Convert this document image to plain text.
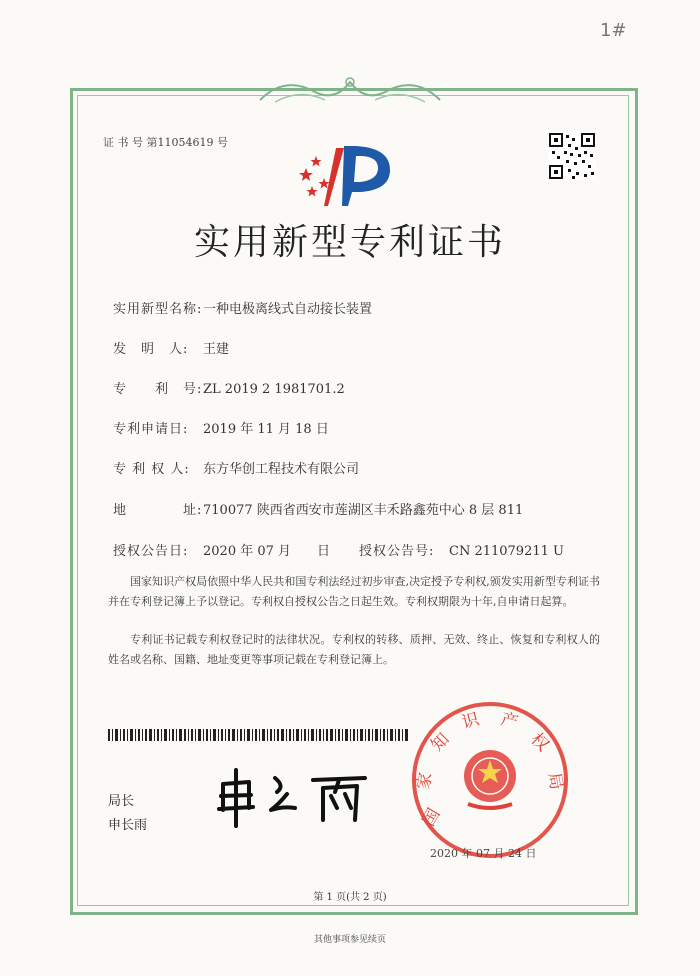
1#
证 书 号 第11054619 号
实用新型专利证书
实用新型名称:一种电极离线式自动接长装置
发　明　人: 王建
专　　利　号:ZL 2019 2 1981701.2
专利申请日: 2019 年 11 月 18 日
专 利 权 人: 东方华创工程技术有限公司
地　　　　址:710077 陕西省西安市莲湖区丰禾路鑫苑中心 8 层 811
授权公告日: 2020 年 07 月　　日 授权公告号: CN 211079211 U
国家知识产权局依照中华人民共和国专利法经过初步审查,决定授予专利权,颁发实用新型专利证书并在专利登记簿上予以登记。专利权自授权公告之日起生效。专利权期限为十年,自申请日起算。
专利证书记载专利权登记时的法律状况。专利权的转移、质押、无效、终止、恢复和专利权人的姓名或名称、国籍、地址变更等事项记载在专利登记簿上。
局长
申长雨	国
家
知
识 产
权
局
2020 年 07 月 24 日
第 1 页(共 2 页)
其他事项参见续页
